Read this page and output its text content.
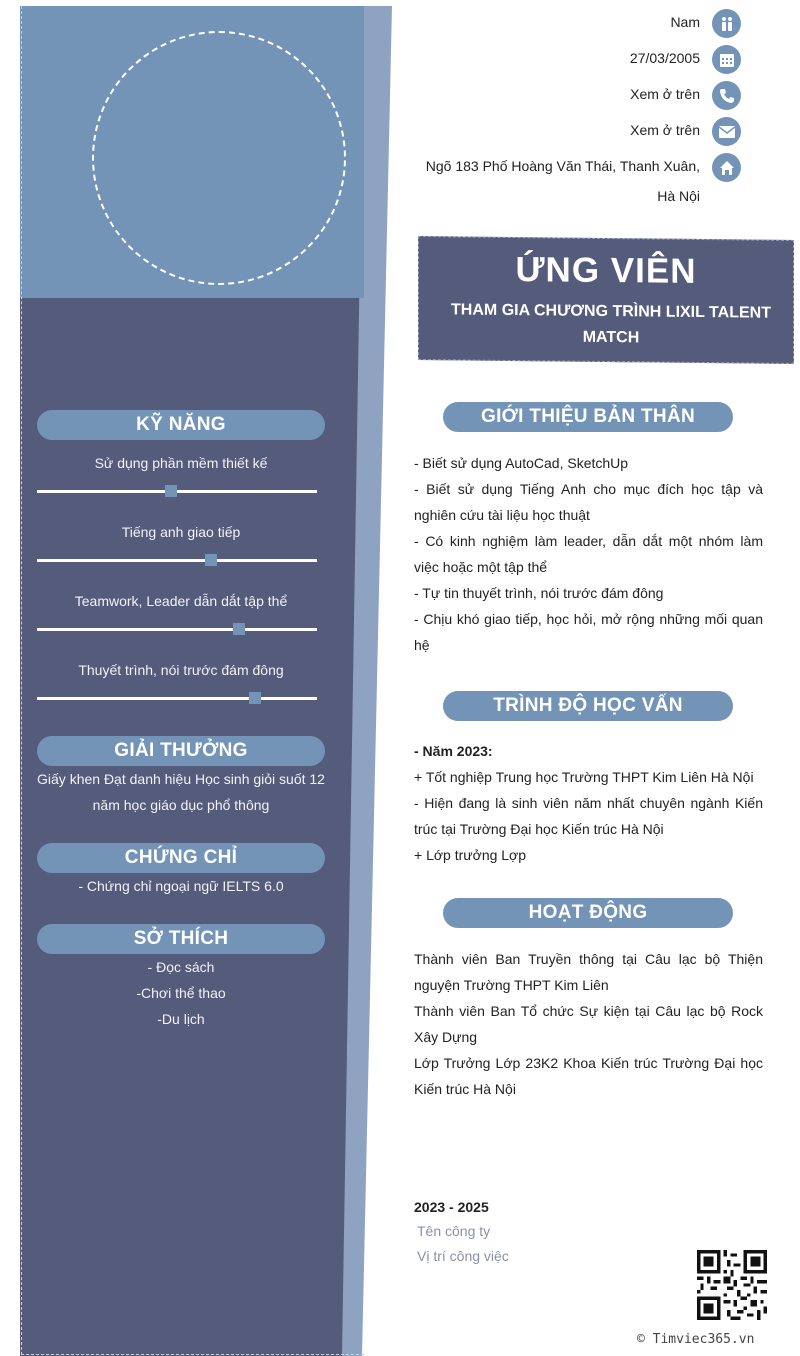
KỸ NĂNG
Sử dụng phần mềm thiết kế
Tiếng anh giao tiếp
Teamwork, Leader dẫn dắt tập thể
Thuyết trình, nói trước đám đông
GIẢI THƯỞNG
Giấy khen Đạt danh hiệu Học sinh giỏi suốt 12
năm học giáo dục phổ thông
CHỨNG CHỈ
- Chứng chỉ ngoại ngữ IELTS 6.0
SỞ THÍCH
- Đọc sách
-Chơi thể thao
-Du lịch
Nam
27/03/2005
Xem ở trên
Xem ở trên
Ngõ 183 Phố Hoàng Văn Thái, Thanh Xuân,
Hà Nội
ỨNG VIÊN
THAM GIA CHƯƠNG TRÌNH LIXIL TALENT
MATCH
GIỚI THIỆU BẢN THÂN

- Biết sử dụng AutoCad, SketchUp

- Biết sử dụng Tiếng Anh cho mục đích học tập và nghiên cứu tài liệu học thuật

- Có kinh nghiệm làm leader, dẫn dắt một nhóm làm việc hoặc một tập thể

- Tự tin thuyết trình, nói trước đám đông

- Chịu khó giao tiếp, học hỏi, mở rộng những mối quan hệ

TRÌNH ĐỘ HỌC VẤN

- Năm 2023:

+ Tốt nghiệp Trung học Trường THPT Kim Liên Hà Nội

- Hiện đang là sinh viên năm nhất chuyên ngành Kiến trúc tại Trường Đại học Kiến trúc Hà Nội

+ Lớp trưởng Lợp

HOẠT ĐỘNG

Thành viên Ban Truyền thông tại Câu lạc bộ Thiện nguyện Trường THPT Kim Liên

Thành viên Ban Tổ chức Sự kiện tại Câu lạc bộ Rock Xây Dựng

Lớp Trưởng Lớp 23K2 Khoa Kiến trúc Trường Đại học Kiến trúc Hà Nội

2023 - 2025
Tên công ty
Vị trí công việc
© Timviec365.vn
